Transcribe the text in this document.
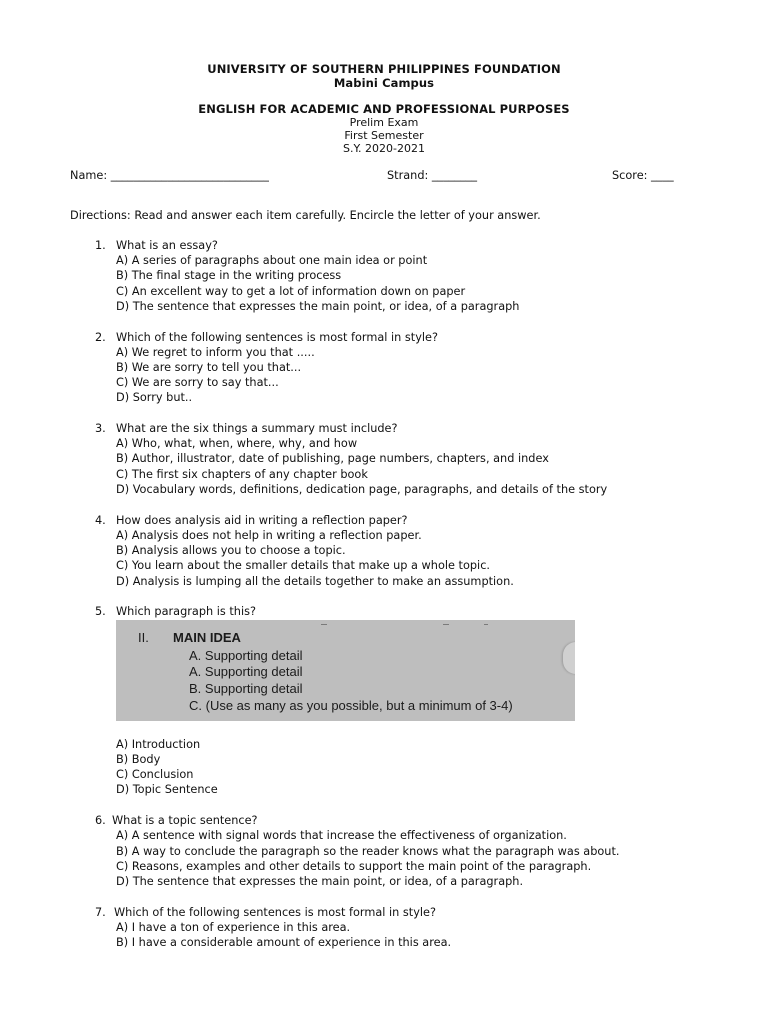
UNIVERSITY OF SOUTHERN PHILIPPINES FOUNDATION
Mabini Campus
ENGLISH FOR ACADEMIC AND PROFESSIONAL PURPOSES
Prelim Exam
First Semester
S.Y. 2020-2021
Name: ____________________________	Strand: ________	Score: ____
Directions: Read and answer each item carefully. Encircle the letter of your answer.
1. What is an essay?
A) A series of paragraphs about one main idea or point
B) The final stage in the writing process
C) An excellent way to get a lot of information down on paper
D) The sentence that expresses the main point, or idea, of a paragraph
2. Which of the following sentences is most formal in style?
A) We regret to inform you that .....
B) We are sorry to tell you that...
C) We are sorry to say that...
D) Sorry but..
3. What are the six things a summary must include?
A) Who, what, when, where, why, and how
B) Author, illustrator, date of publishing, page numbers, chapters, and index
C) The first six chapters of any chapter book
D) Vocabulary words, definitions, dedication page, paragraphs, and details of the story
4. How does analysis aid in writing a reflection paper?
A) Analysis does not help in writing a reflection paper.
B) Analysis allows you to choose a topic.
C) You learn about the smaller details that make up a whole topic.
D) Analysis is lumping all the details together to make an assumption.
5. Which paragraph is this?
II. MAIN IDEA
A. Supporting detail
A. Supporting detail
B. Supporting detail
C. (Use as many as you possible, but a minimum of 3-4)
A) Introduction
B) Body
C) Conclusion
D) Topic Sentence
6. What is a topic sentence?
A) A sentence with signal words that increase the effectiveness of organization.
B) A way to conclude the paragraph so the reader knows what the paragraph was about.
C) Reasons, examples and other details to support the main point of the paragraph.
D) The sentence that expresses the main point, or idea, of a paragraph.
7. Which of the following sentences is most formal in style?
A) I have a ton of experience in this area.
B) I have a considerable amount of experience in this area.
